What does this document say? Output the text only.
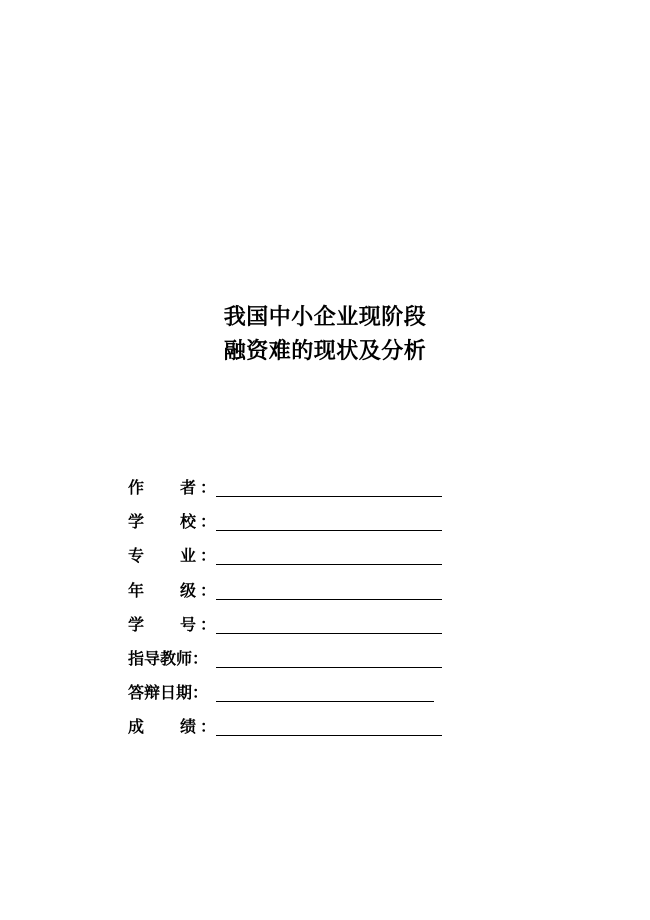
我国中小企业现阶段
融资难的现状及分析
作 者 ：
学 校 ：
专 业 ：
年 级 ：
学 号 ：
指导教师：
答辩日期：
成 绩 ：
